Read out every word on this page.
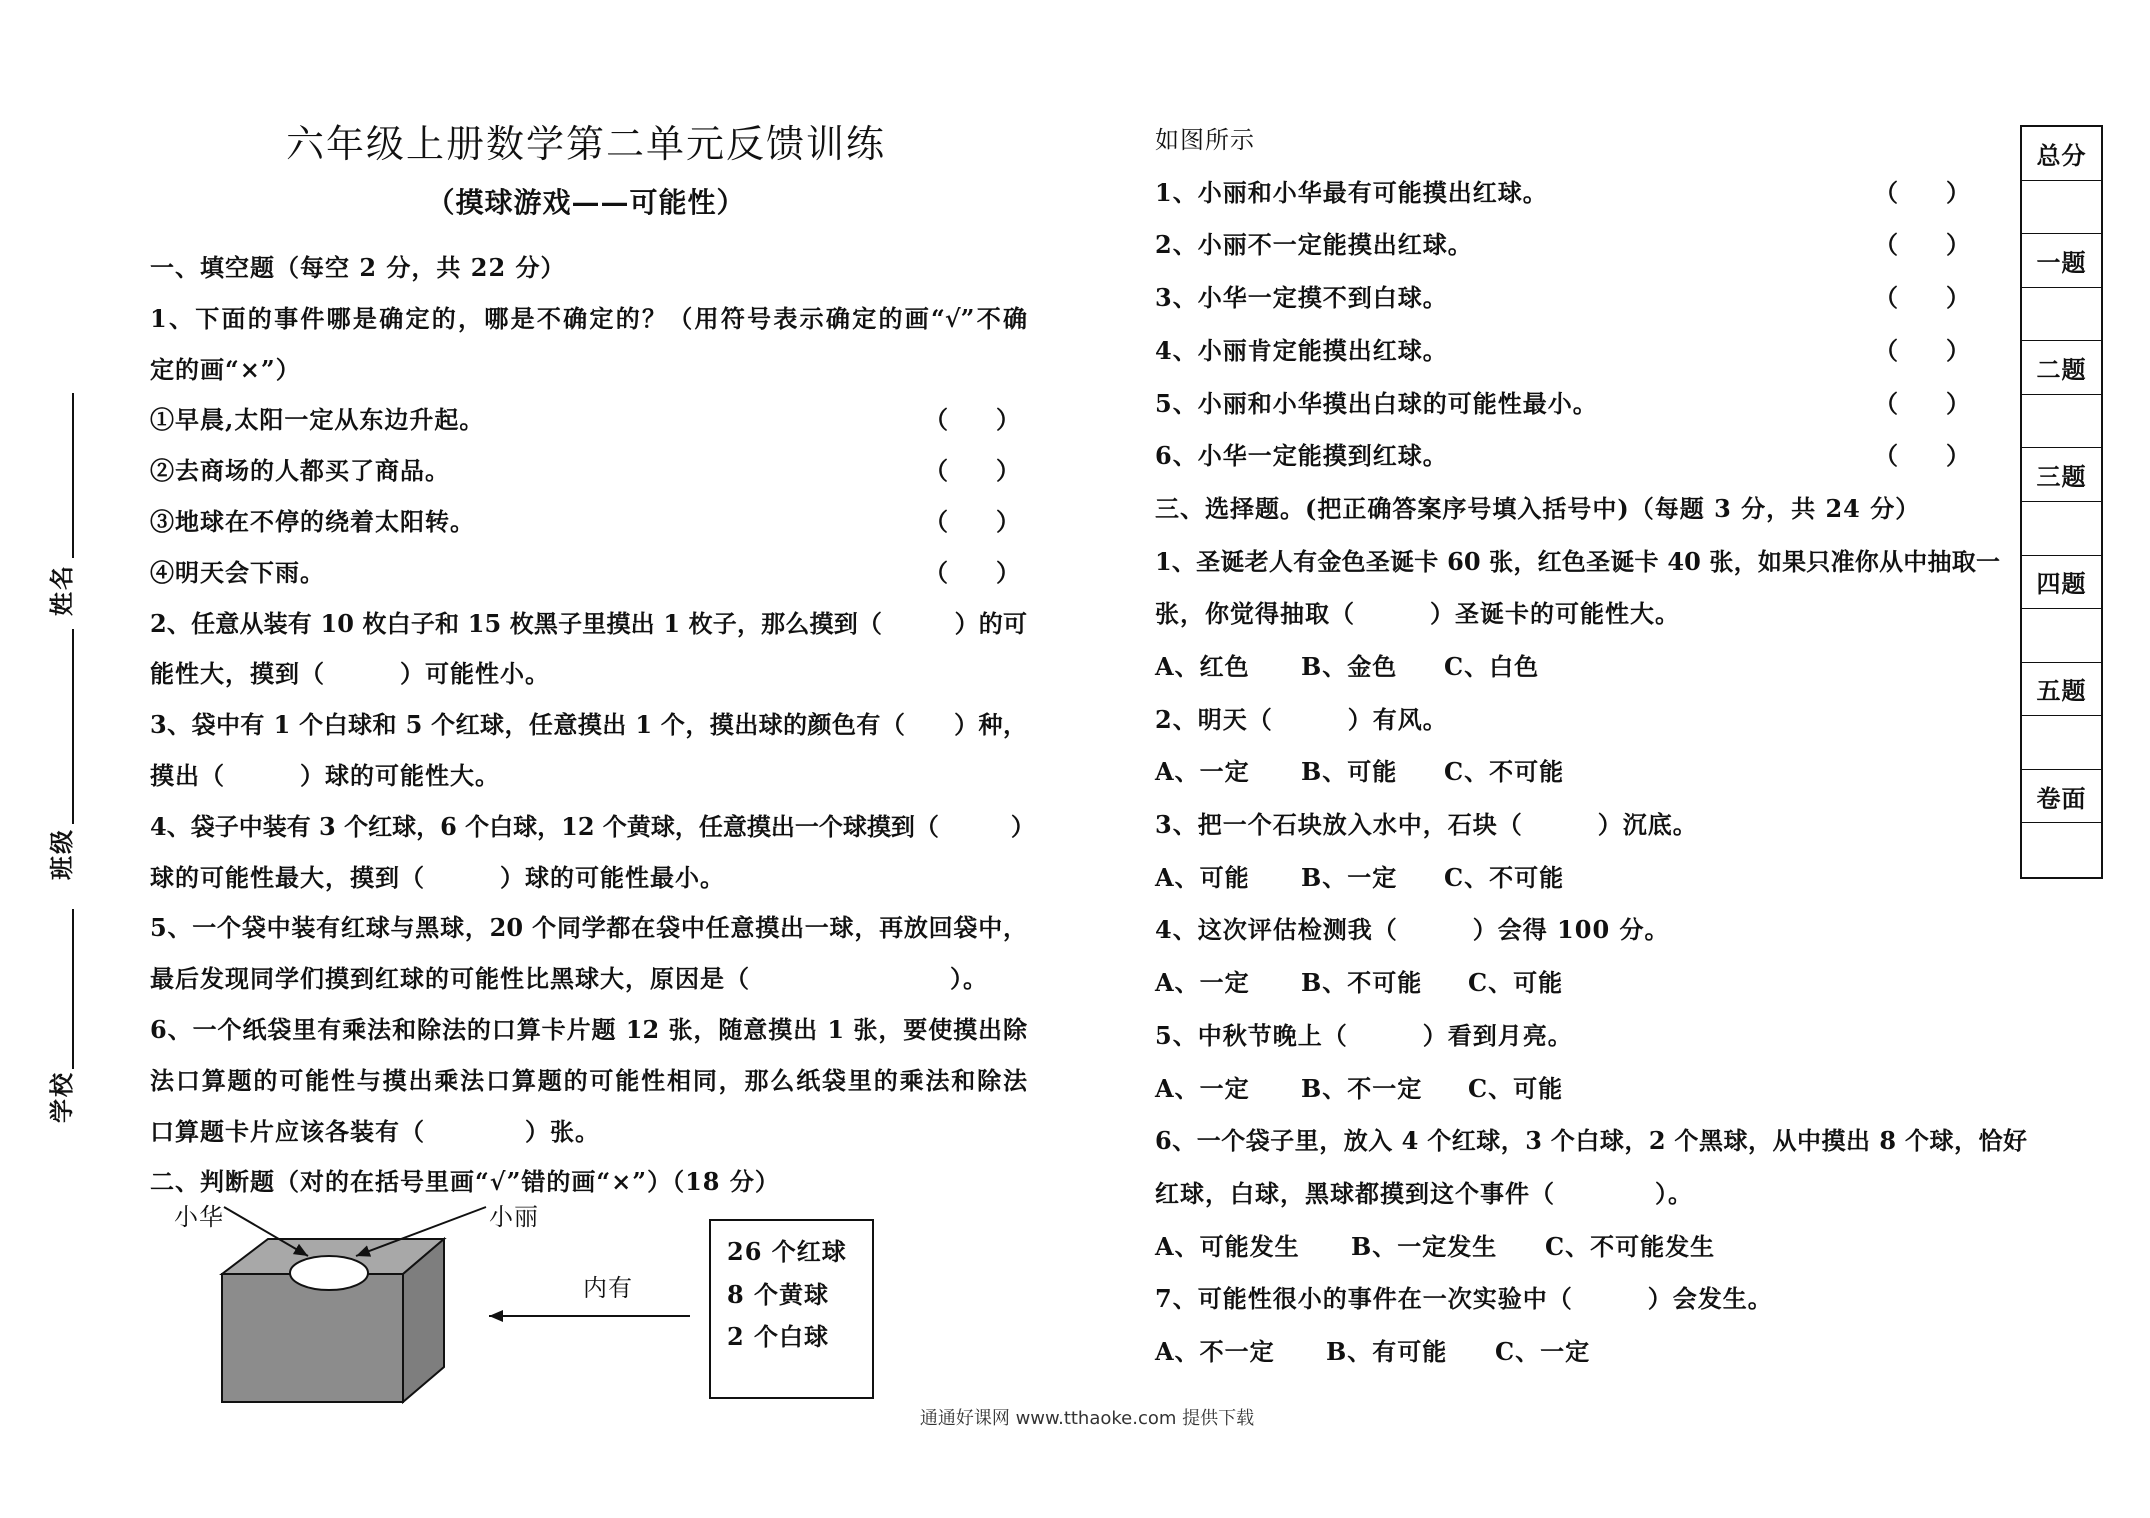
姓名
班级
学校
六年级上册数学第二单元反馈训练
（摸球游戏——可能性）
一、填空题（每空 2 分，共 22 分）
1、下面的事件哪是确定的，哪是不确定的？（用符号表示确定的画“√”不确
定的画“×”）
①早晨,太阳一定从东边升起。	（　　）
②去商场的人都买了商品。	（　　）
③地球在不停的绕着太阳转。	（　　）
④明天会下雨。	（　　）
2、任意从装有 10 枚白子和 15 枚黑子里摸出 1 枚子，那么摸到（　　　）的可
能性大，摸到（　　　）可能性小。
3、袋中有 1 个白球和 5 个红球，任意摸出 1 个，摸出球的颜色有（　　）种，
摸出（　　　）球的可能性大。
4、袋子中装有 3 个红球，6 个白球，12 个黄球，任意摸出一个球摸到（　　　）
球的可能性最大，摸到（　　　）球的可能性最小。
5、一个袋中装有红球与黑球，20 个同学都在袋中任意摸出一球，再放回袋中，
最后发现同学们摸到红球的可能性比黑球大，原因是（　　　　　　　　）。
6、一个纸袋里有乘法和除法的口算卡片题 12 张，随意摸出 1 张，要使摸出除
法口算题的可能性与摸出乘法口算题的可能性相同，那么纸袋里的乘法和除法
口算题卡片应该各装有（　　　　）张。
二、判断题（对的在括号里画“√”错的画“×”）（18 分）
小华	小丽
内有
26 个红球
8 个黄球
2 个白球
如图所示
1、小丽和小华最有可能摸出红球。	（　　）
2、小丽不一定能摸出红球。	（　　）
3、小华一定摸不到白球。	（　　）
4、小丽肯定能摸出红球。	（　　）
5、小丽和小华摸出白球的可能性最小。	（　　）
6、小华一定能摸到红球。	（　　）
三、选择题。(把正确答案序号填入括号中)（每题 3 分，共 24 分）
1、圣诞老人有金色圣诞卡 60 张，红色圣诞卡 40 张，如果只准你从中抽取一
张，你觉得抽取（　　　）圣诞卡的可能性大。
A、红色 B、金色 C、白色
2、明天（　　　）有风。
A、一定 B、可能 C、不可能
3、把一个石块放入水中，石块（　　　）沉底。
A、可能 B、一定 C、不可能
4、这次评估检测我（　　　）会得 100 分。
A、一定 B、不可能 C、可能
5、中秋节晚上（　　　）看到月亮。
A、一定 B、不一定 C、可能
6、一个袋子里，放入 4 个红球，3 个白球，2 个黑球，从中摸出 8 个球，恰好
红球，白球，黑球都摸到这个事件（　　　　）。
A、可能发生 B、一定发生 C、不可能发生
7、可能性很小的事件在一次实验中（　　　）会发生。
A、不一定 B、有可能 C、一定
总分
一题
二题
三题
四题
五题
卷面
通通好课网 www.tthaoke.com 提供下载
